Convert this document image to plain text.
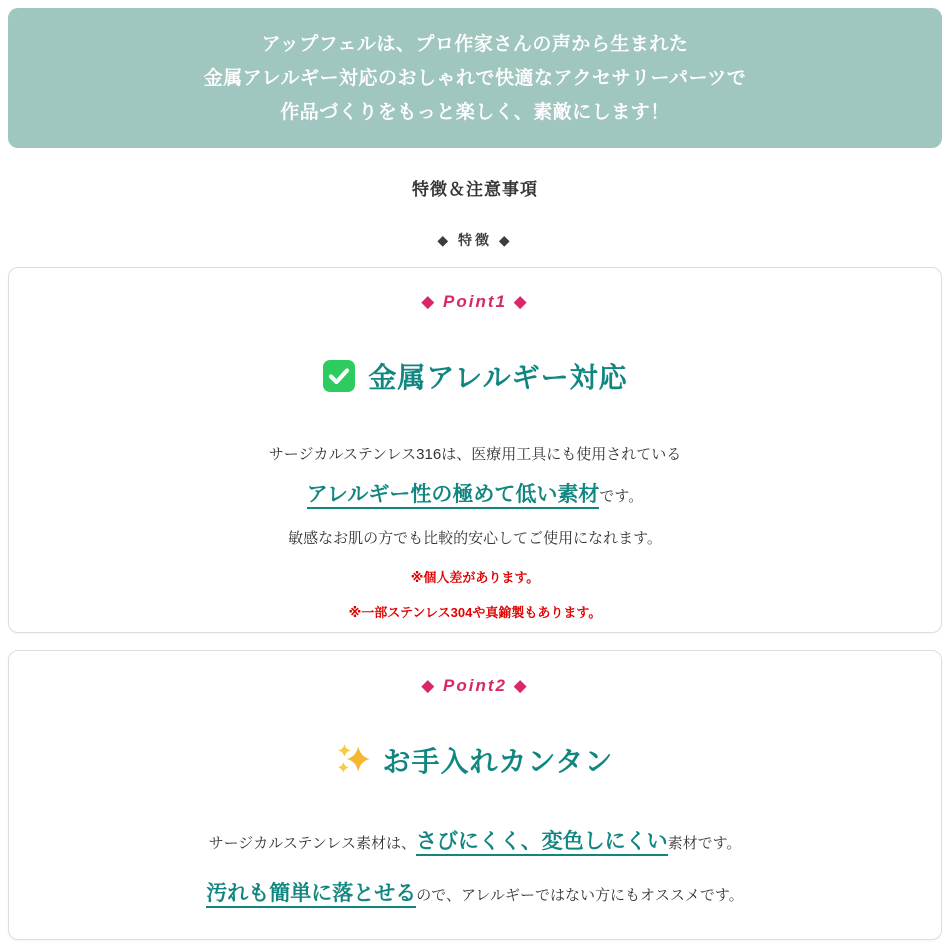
アップフェルは、プロ作家さんの声から生まれた
金属アレルギー対応のおしゃれで快適なアクセサリーパーツで
作品づくりをもっと楽しく、素敵にします！
特徴＆注意事項
◆ 特徴 ◆
◆ Point1 ◆
金属アレルギー対応
サージカルステンレス316は、医療用工具にも使用されている
アレルギー性の極めて低い素材です。
敏感なお肌の方でも比較的安心してご使用になれます。
※個人差があります。
※一部ステンレス304や真鍮製もあります。
◆ Point2 ◆
お手入れカンタン
サージカルステンレス素材は、さびにくく、変色しにくい素材です。
汚れも簡単に落とせるので、アレルギーではない方にもオススメです。
